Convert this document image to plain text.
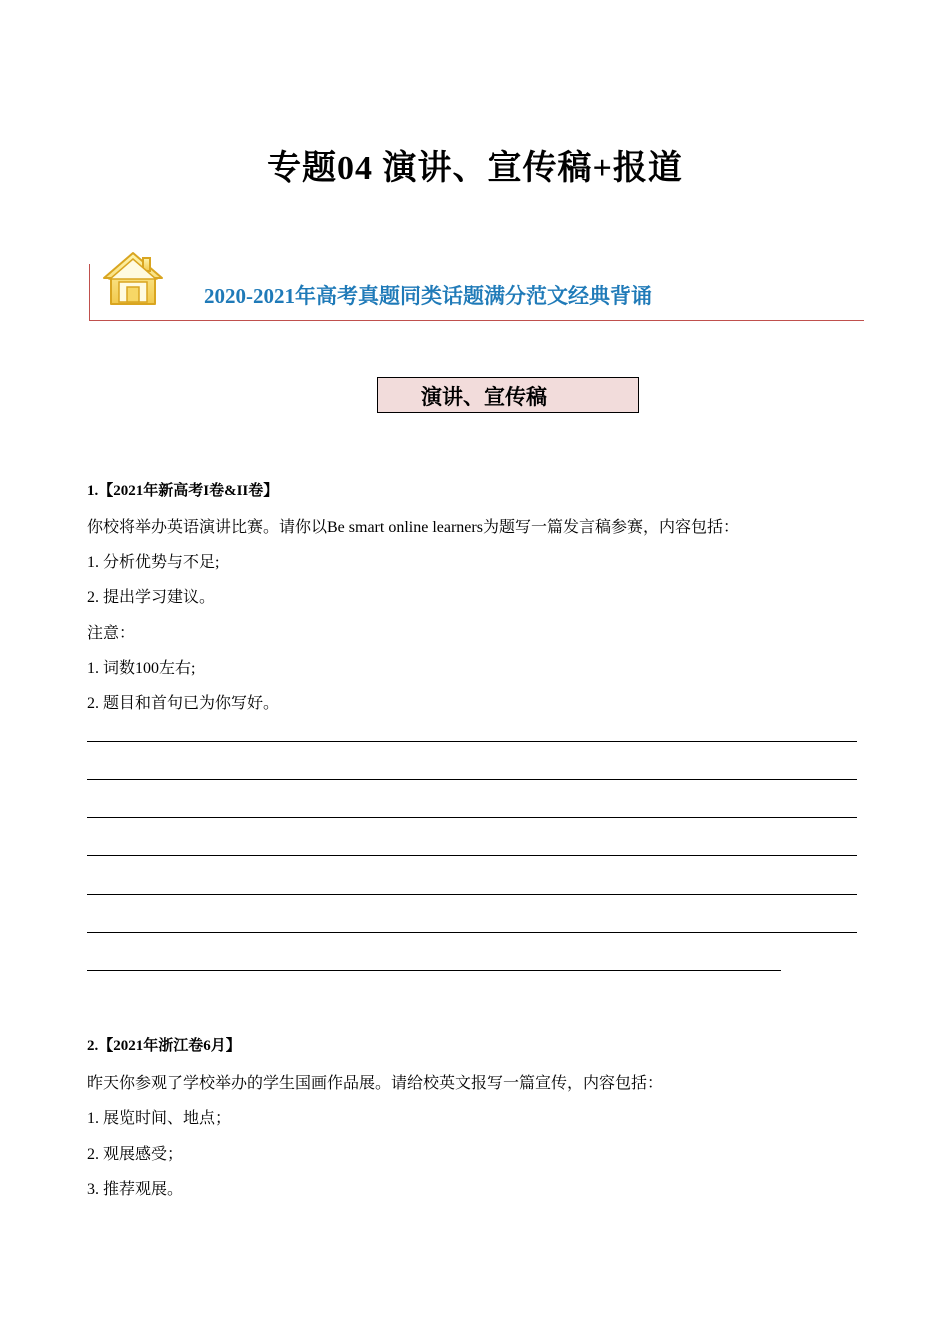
专题04 演讲、宣传稿+报道
2020-2021年高考真题同类话题满分范文经典背诵
演讲、宣传稿
1.【2021年新高考I卷&II卷】
你校将举办英语演讲比赛。请你以Be smart online learners为题写一篇发言稿参赛，内容包括：
1. 分析优势与不足;
2. 提出学习建议。
注意：
1. 词数100左右;
2. 题目和首句已为你写好。
2.【2021年浙江卷6月】
昨天你参观了学校举办的学生国画作品展。请给校英文报写一篇宣传，内容包括：
1. 展览时间、地点；
2. 观展感受；
3. 推荐观展。
